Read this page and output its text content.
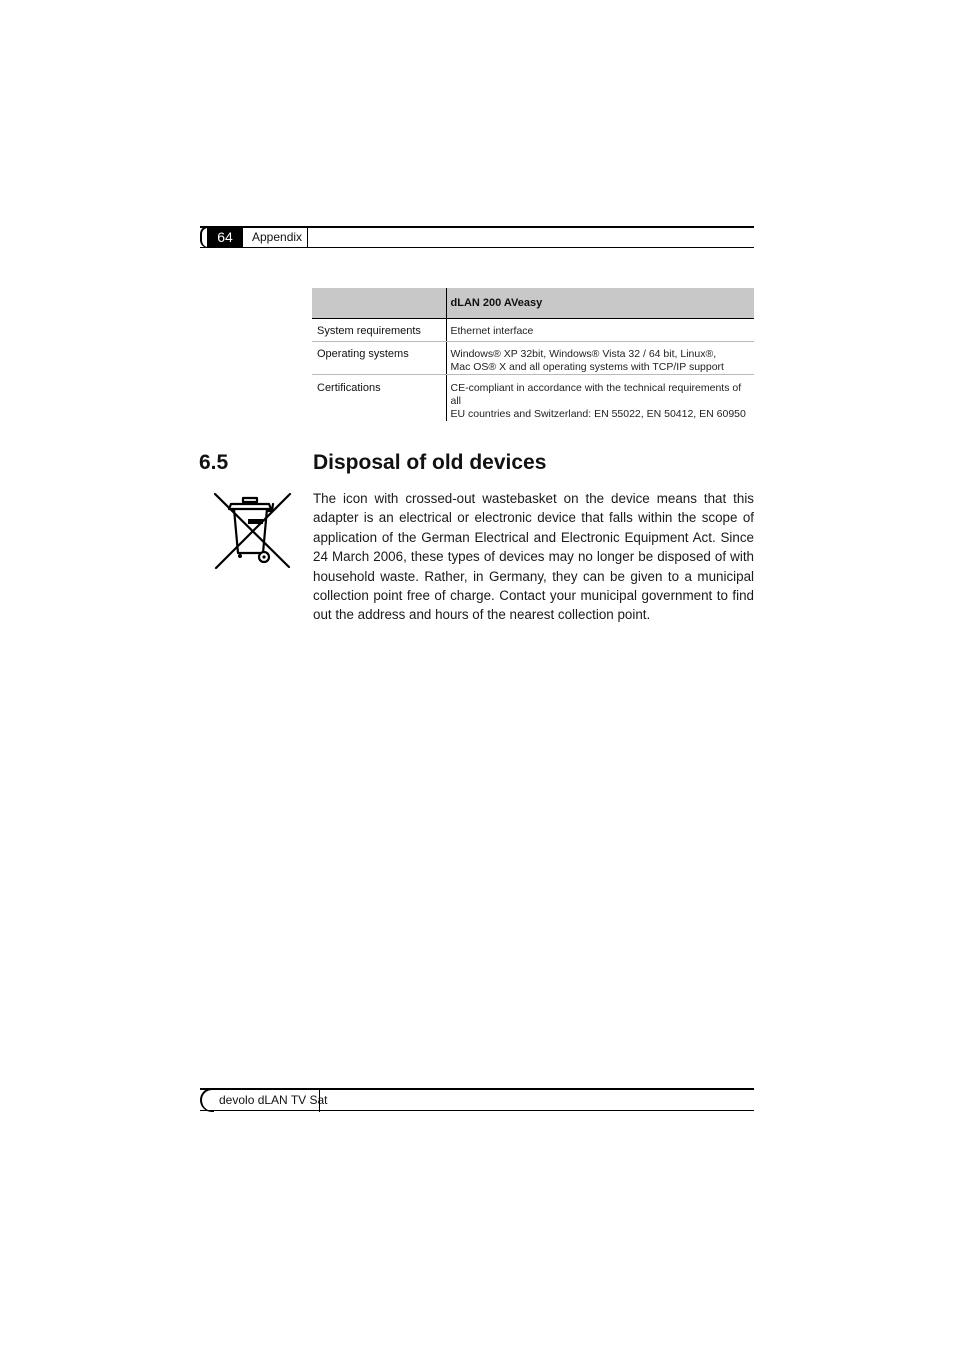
64	Appendix
	dLAN 200 AVeasy
System requirements	Ethernet interface

Operating systems	Windows® XP 32bit, Windows® Vista 32 / 64 bit, Linux®,
Mac OS® X and all operating systems with TCP/IP support

Certifications	CE-compliant in accordance with the technical requirements of all
EU countries and Switzerland: EN 55022, EN 50412, EN 60950
6.5	Disposal of old devices
The icon with crossed-out wastebasket on the device means that this adapter is an electrical or electronic device that falls within the scope of application of the German Electrical and Electronic Equipment Act. Since 24 March 2006, these types of devices may no longer be disposed of with household waste. Rather, in Germany, they can be given to a municipal collection point free of charge. Contact your municipal government to find out the address and hours of the nearest collection point.
devolo dLAN TV Sat
